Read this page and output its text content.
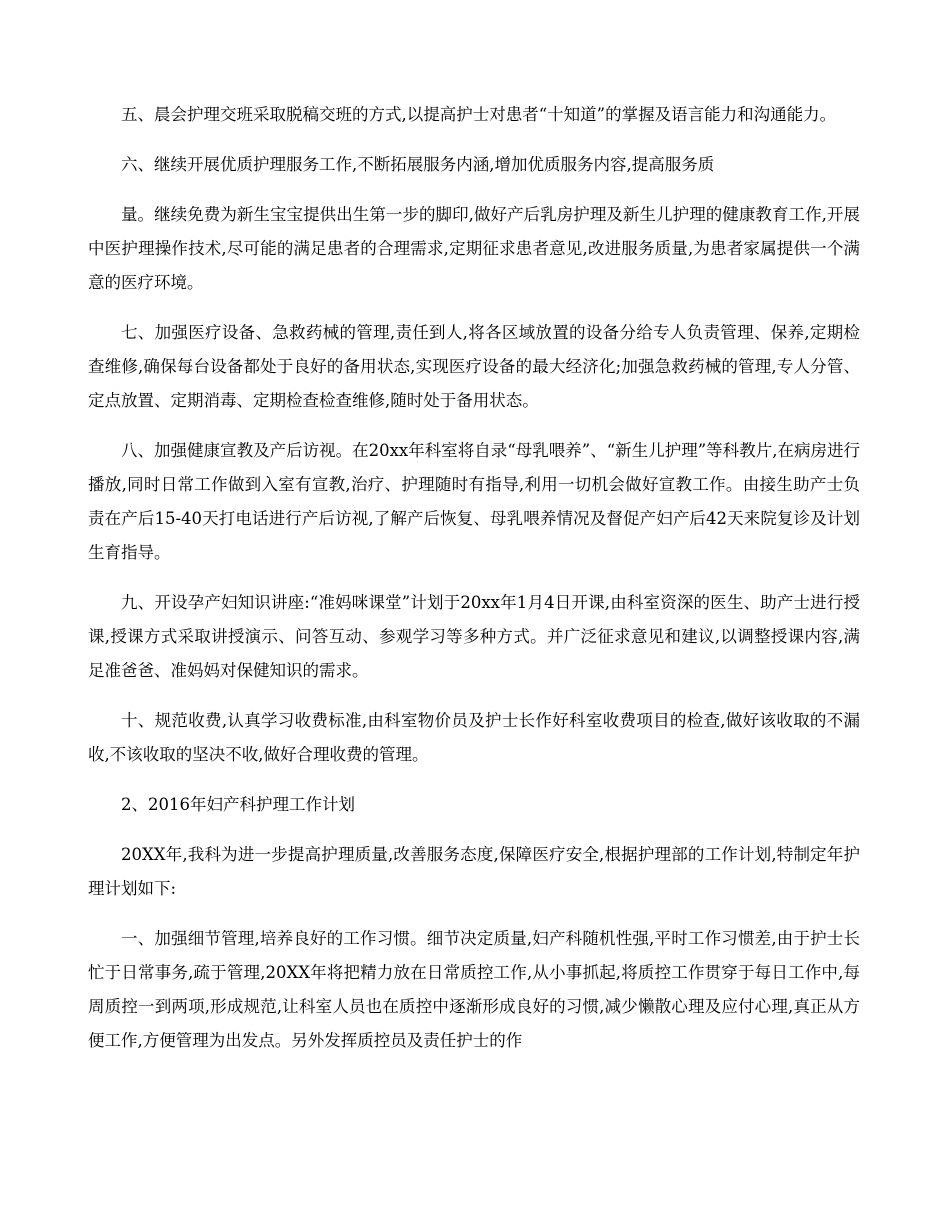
五、晨会护理交班采取脱稿交班的方式,以提高护士对患者“十知道”的掌握及语言能力和沟通能力。

六、继续开展优质护理服务工作,不断拓展服务内涵,增加优质服务内容,提高服务质

量。继续免费为新生宝宝提供出生第一步的脚印,做好产后乳房护理及新生儿护理的健康教育工作,开展中医护理操作技术,尽可能的满足患者的合理需求,定期征求患者意见,改进服务质量,为患者家属提供一个满意的医疗环境。

七、加强医疗设备、急救药械的管理,责任到人,将各区域放置的设备分给专人负责管理、保养,定期检查维修,确保每台设备都处于良好的备用状态,实现医疗设备的最大经济化;加强急救药械的管理,专人分管、定点放置、定期消毒、定期检查检查维修,随时处于备用状态。

八、加强健康宣教及产后访视。在20xx年科室将自录“母乳喂养”、“新生儿护理”等科教片,在病房进行播放,同时日常工作做到入室有宣教,治疗、护理随时有指导,利用一切机会做好宣教工作。由接生助产士负责在产后15-40天打电话进行产后访视,了解产后恢复、母乳喂养情况及督促产妇产后42天来院复诊及计划生育指导。

九、开设孕产妇知识讲座:“准妈咪课堂”计划于20xx年1月4日开课,由科室资深的医生、助产士进行授课,授课方式采取讲授演示、问答互动、参观学习等多种方式。并广泛征求意见和建议,以调整授课内容,满足准爸爸、准妈妈对保健知识的需求。

十、规范收费,认真学习收费标准,由科室物价员及护士长作好科室收费项目的检查,做好该收取的不漏收,不该收取的坚决不收,做好合理收费的管理。

2、2016年妇产科护理工作计划

20XX年,我科为进一步提高护理质量,改善服务态度,保障医疗安全,根据护理部的工作计划,特制定年护理计划如下:

一、加强细节管理,培养良好的工作习惯。细节决定质量,妇产科随机性强,平时工作习惯差,由于护士长忙于日常事务,疏于管理,20XX年将把精力放在日常质控工作,从小事抓起,将质控工作贯穿于每日工作中,每周质控一到两项,形成规范,让科室人员也在质控中逐渐形成良好的习惯,减少懒散心理及应付心理,真正从方便工作,方便管理为出发点。另外发挥质控员及责任护士的作
